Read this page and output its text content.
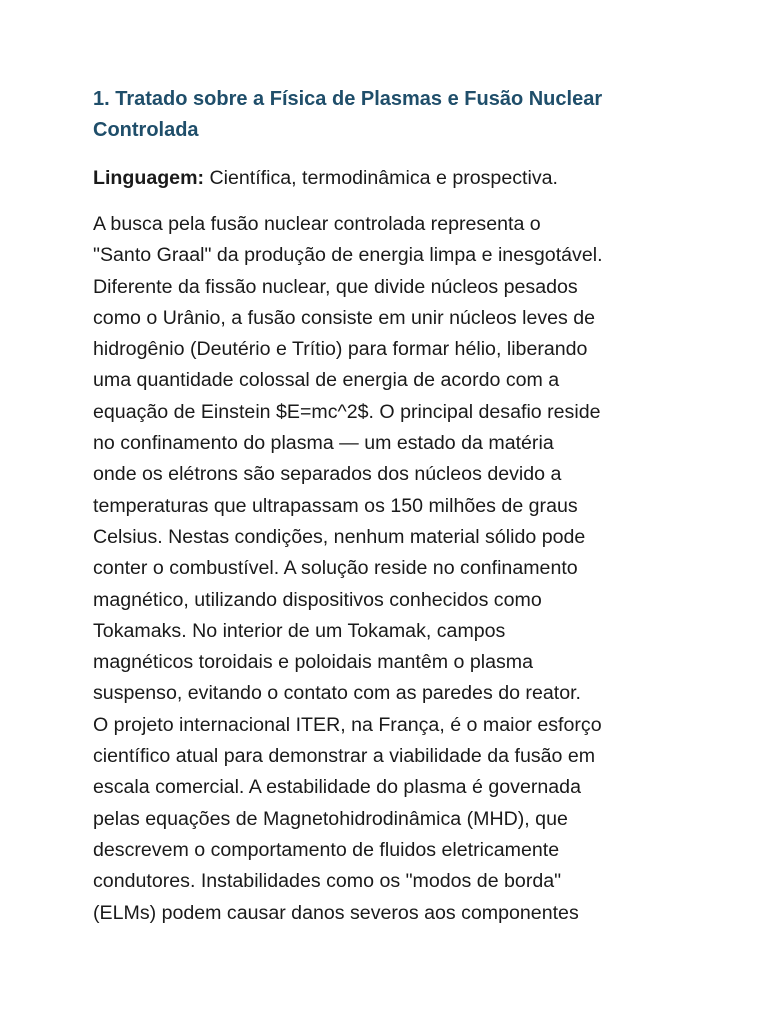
1. Tratado sobre a Física de Plasmas e Fusão Nuclear
Controlada

Linguagem: Científica, termodinâmica e prospectiva.

A busca pela fusão nuclear controlada representa o
"Santo Graal" da produção de energia limpa e inesgotável.
Diferente da fissão nuclear, que divide núcleos pesados
como o Urânio, a fusão consiste em unir núcleos leves de
hidrogênio (Deutério e Trítio) para formar hélio, liberando
uma quantidade colossal de energia de acordo com a
equação de Einstein $E=mc^2$. O principal desafio reside
no confinamento do plasma — um estado da matéria
onde os elétrons são separados dos núcleos devido a
temperaturas que ultrapassam os 150 milhões de graus
Celsius. Nestas condições, nenhum material sólido pode
conter o combustível. A solução reside no confinamento
magnético, utilizando dispositivos conhecidos como
Tokamaks. No interior de um Tokamak, campos
magnéticos toroidais e poloidais mantêm o plasma
suspenso, evitando o contato com as paredes do reator.
O projeto internacional ITER, na França, é o maior esforço
científico atual para demonstrar a viabilidade da fusão em
escala comercial. A estabilidade do plasma é governada
pelas equações de Magnetohidrodinâmica (MHD), que
descrevem o comportamento de fluidos eletricamente
condutores. Instabilidades como os "modos de borda"
(ELMs) podem causar danos severos aos componentes
